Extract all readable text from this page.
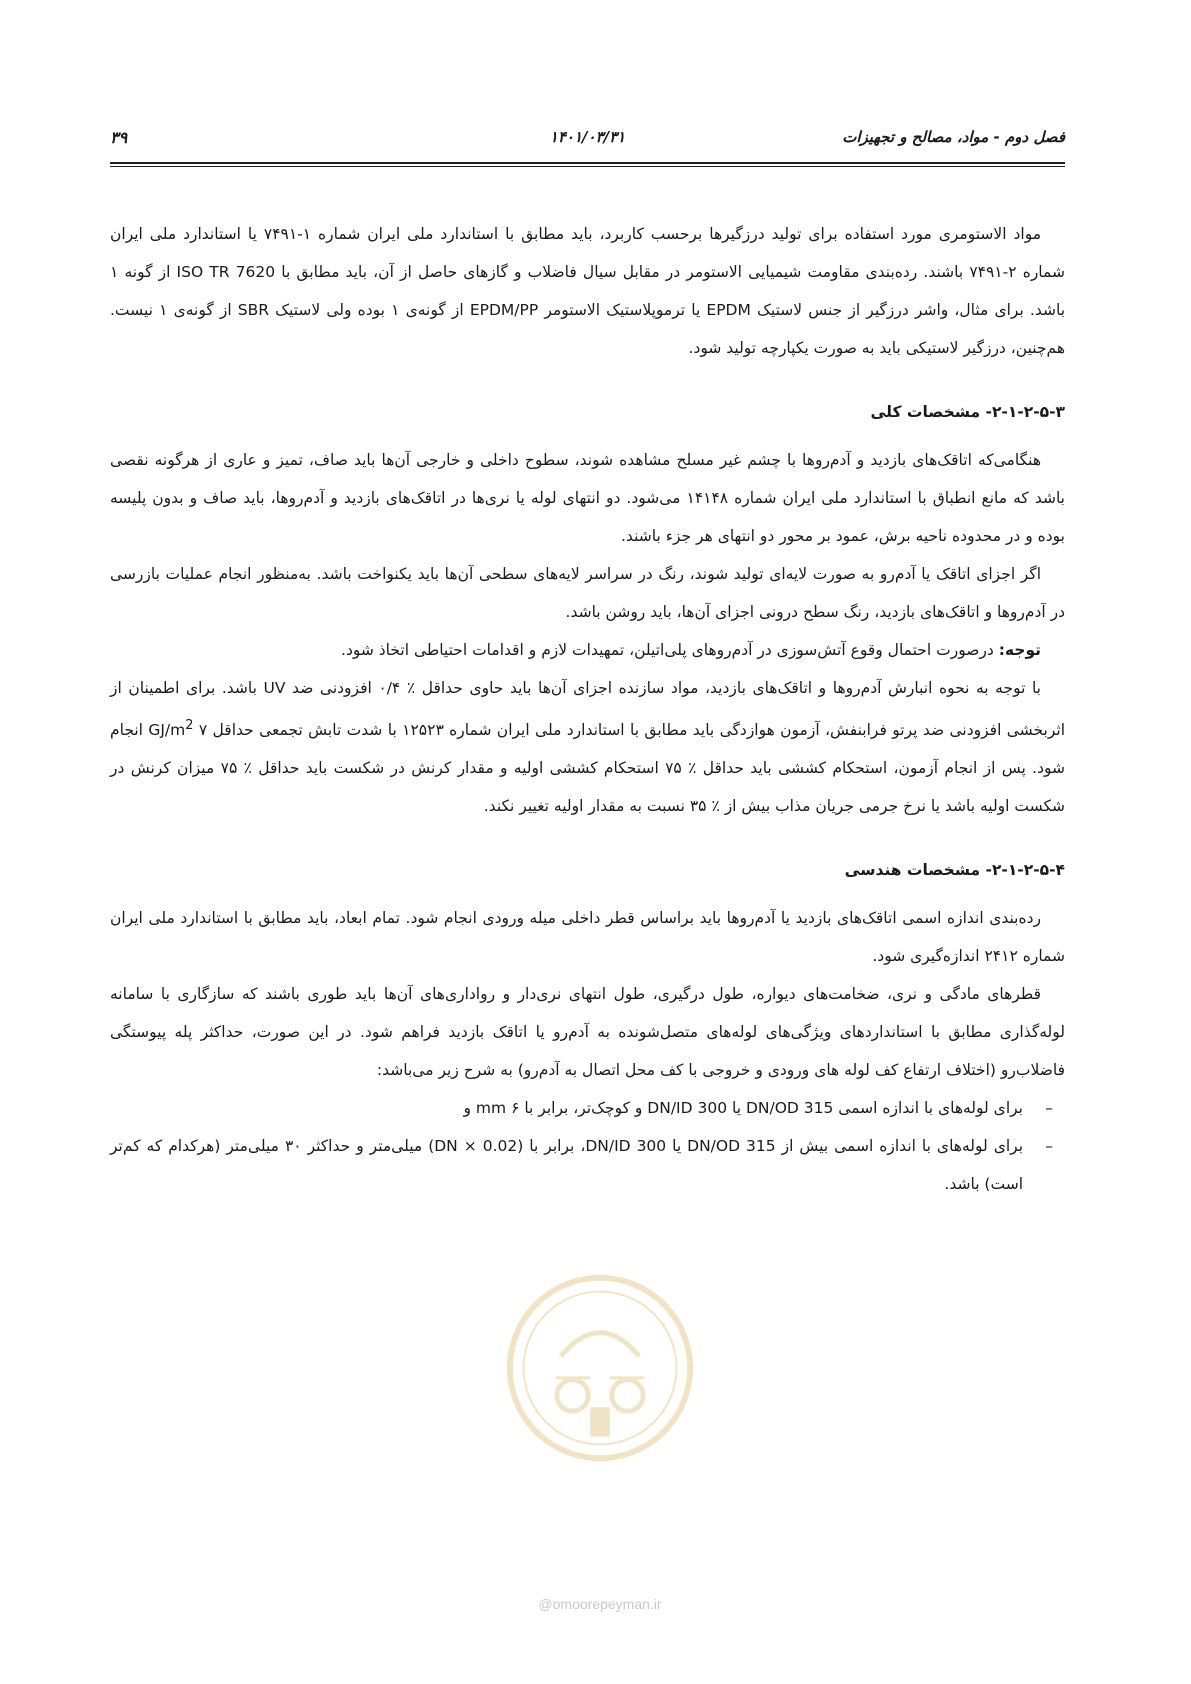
فصل دوم - مواد، مصالح و تجهیزات
۱۴۰۱/۰۳/۳۱
۳۹

مواد الاستومری مورد استفاده برای تولید درزگیرها برحسب کاربرد، باید مطابق با استاندارد ملی ایران شماره ۱-۷۴۹۱ یا استاندارد ملی ایران شماره ۲-۷۴۹۱ باشند. رده‌بندی مقاومت شیمیایی الاستومر در مقابل سیال فاضلاب و گازهای حاصل از آن، باید مطابق با ISO TR 7620 از گونه ۱ باشد. برای مثال، واشر درزگیر از جنس لاستیک EPDM یا ترموپلاستیک الاستومر EPDM/PP از گونه‌ی ۱ بوده ولی لاستیک SBR از گونه‌ی ۱ نیست. هم‌چنین، درزگیر لاستیکی باید به صورت یکپارچه تولید شود.

۲-۱-۲-۵-۳- مشخصات کلی

هنگامی‌که اتاقک‌های بازدید و آدم‌روها با چشم غیر مسلح مشاهده شوند، سطوح داخلی و خارجی آن‌ها باید صاف، تمیز و عاری از هرگونه نقصی باشد که مانع انطباق با استاندارد ملی ایران شماره ۱۴۱۴۸ می‌شود. دو انتهای لوله یا نری‌ها در اتاقک‌های بازدید و آدم‌روها، باید صاف و بدون پلیسه بوده و در محدوده ناحیه برش، عمود بر محور دو انتهای هر جزء باشند.

اگر اجزای اتاقک یا آدم‌رو به صورت لایه‌ای تولید شوند، رنگ در سراسر لایه‌های سطحی آن‌ها باید یکنواخت باشد. به‌منظور انجام عملیات بازرسی در آدم‌روها و اتاقک‌های بازدید، رنگ سطح درونی اجزای آن‌ها، باید روشن باشد.

توجه: درصورت احتمال وقوع آتش‌سوزی در آدم‌روهای پلی‌اتیلن، تمهیدات لازم و اقدامات احتیاطی اتخاذ شود.

با توجه به نحوه انبارش آدم‌روها و اتاقک‌های بازدید، مواد سازنده اجزای آن‌ها باید حاوی حداقل ٪ ۰/۴ افزودنی ضد UV باشد. برای اطمینان از اثربخشی افزودنی ضد پرتو فرابنفش، آزمون هوازدگی باید مطابق با استاندارد ملی ایران شماره ۱۲۵۲۳ با شدت تابش تجمعی حداقل ۷ $GJ/m^2$ انجام شود. پس از انجام آزمون، استحکام کششی باید حداقل ٪ ۷۵ استحکام کششی اولیه و مقدار کرنش در شکست باید حداقل ٪ ۷۵ میزان کرنش در شکست اولیه باشد یا نرخ جرمی جریان مذاب بیش از ٪ ۳۵ نسبت به مقدار اولیه تغییر نکند.

۲-۱-۲-۵-۴- مشخصات هندسی

رده‌بندی اندازه اسمی اتاقک‌های بازدید یا آدم‌روها باید براساس قطر داخلی میله ورودی انجام شود. تمام ابعاد، باید مطابق با استاندارد ملی ایران شماره ۲۴۱۲ اندازه‌گیری شود.

قطرهای مادگی و نری، ضخامت‌های دیواره، طول درگیری، طول انتهای نری‌دار و رواداری‌های آن‌ها باید طوری باشند که سازگاری با سامانه لوله‌گذاری مطابق با استانداردهای ویژگی‌های لوله‌های متصل‌شونده به آدم‌رو یا اتاقک بازدید فراهم شود. در این صورت، حداکثر پله پیوستگی فاضلاب‌رو (اختلاف ارتفاع کف لوله های ورودی و خروجی با کف محل اتصال به آدم‌رو) به شرح زیر می‌باشد:

–
برای لوله‌های با اندازه اسمی DN/OD 315 یا DN/ID 300 و کوچک‌تر، برابر با ۶ mm و

–
برای لوله‌های با اندازه اسمی بیش از DN/OD 315 یا DN/ID 300، برابر با (DN × 0.02) میلی‌متر و حداکثر ۳۰ میلی‌متر (هرکدام که کم‌تر است) باشد.

@omoorepeyman.ir
